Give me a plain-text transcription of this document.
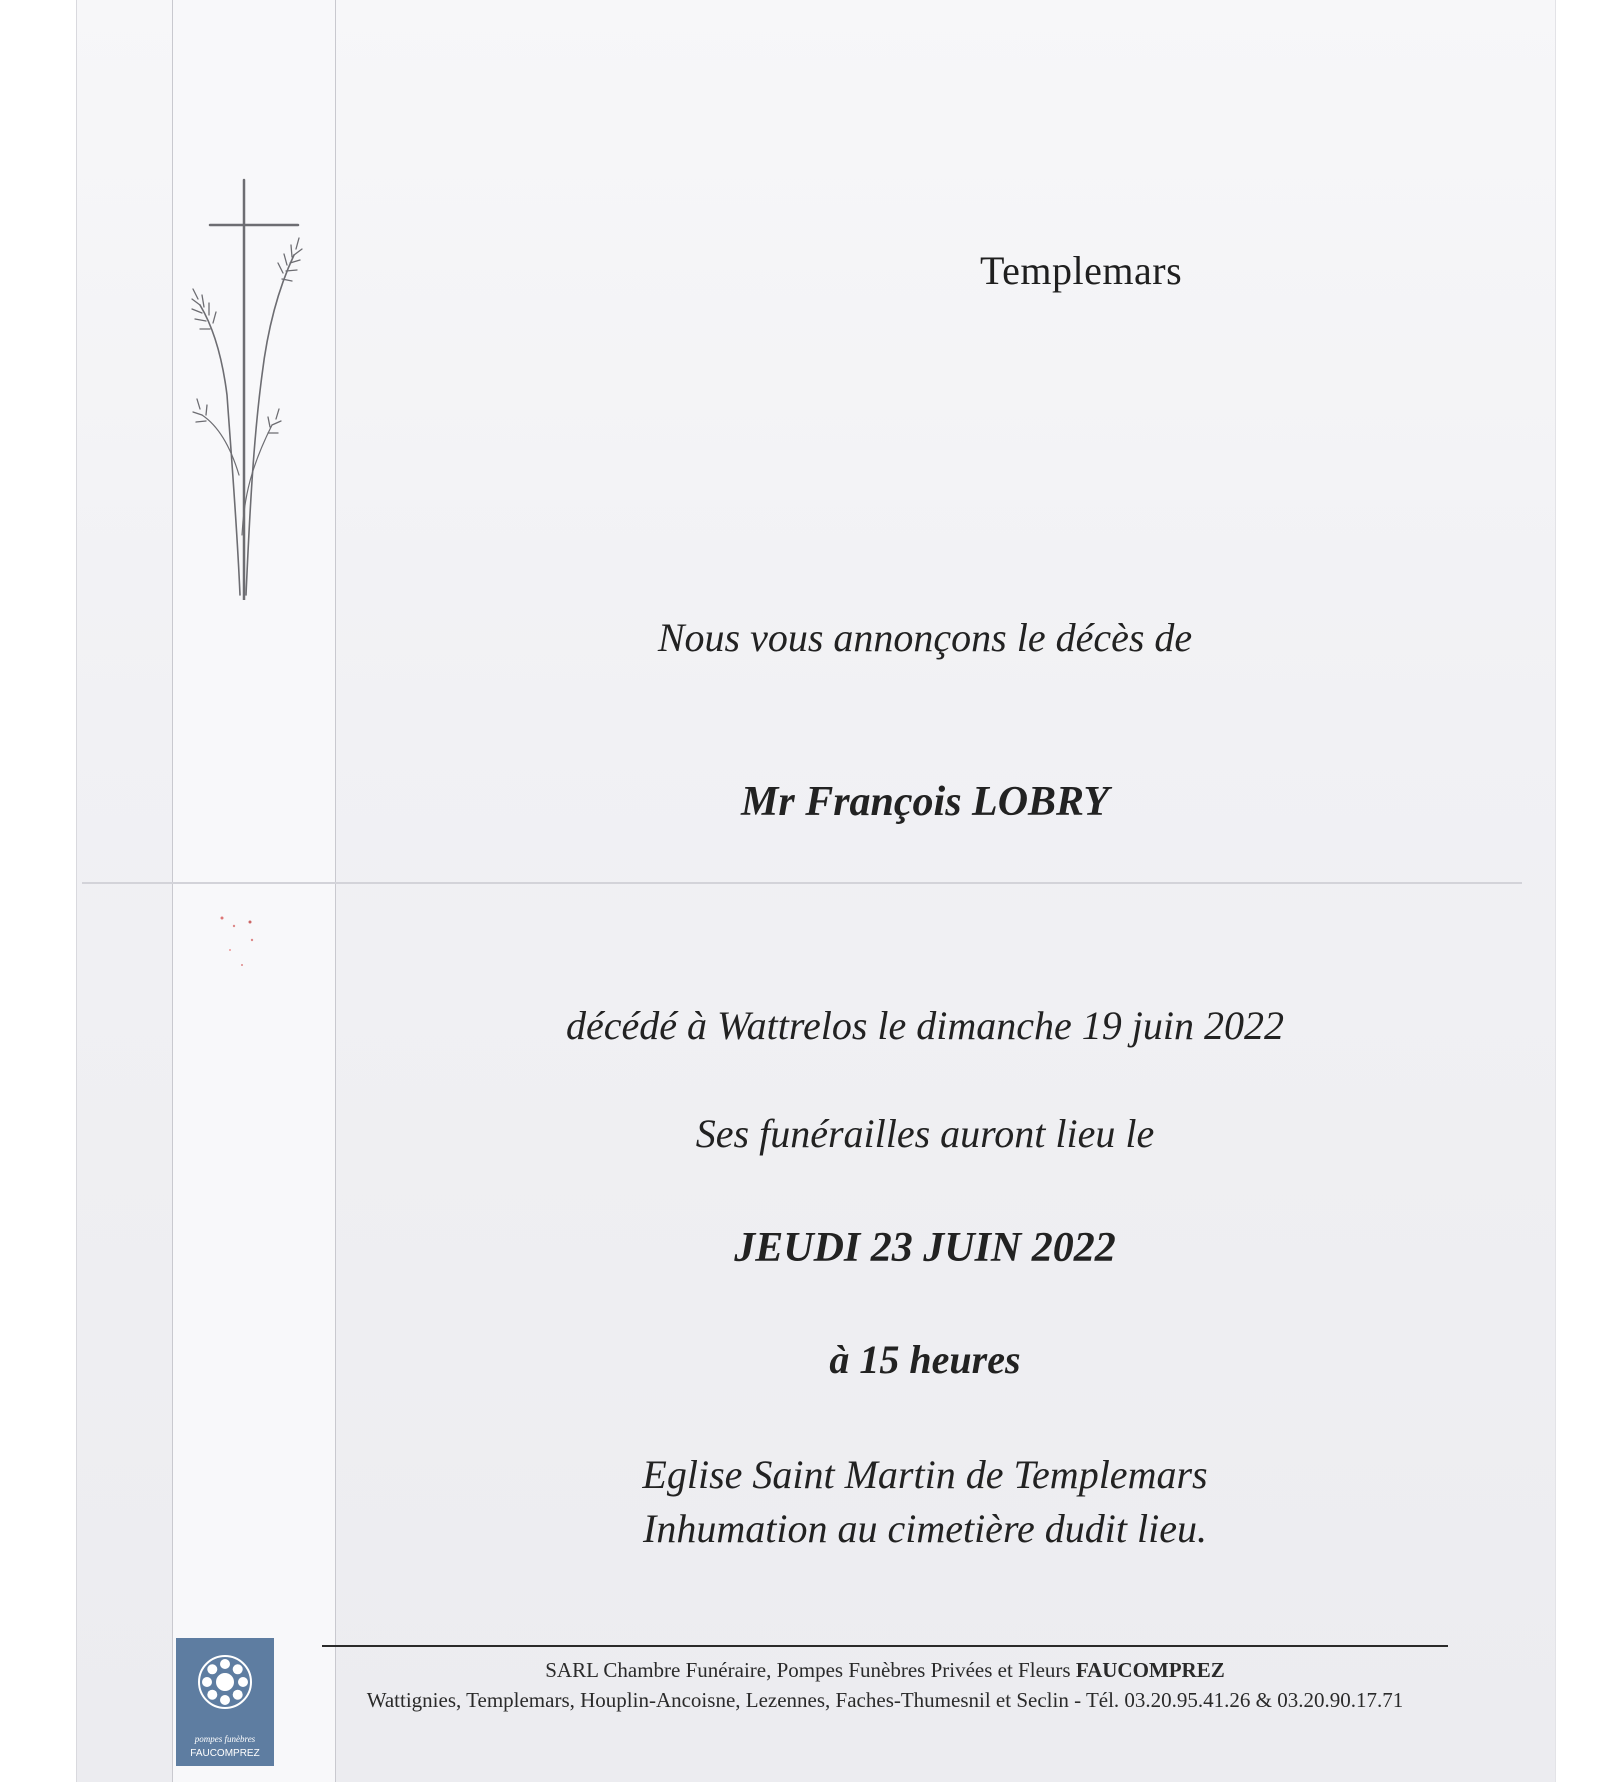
Templemars
Nous vous annonçons le décès de
Mr François LOBRY
décédé à Wattrelos le dimanche 19 juin 2022
Ses funérailles auront lieu le
JEUDI 23 JUIN 2022
à 15 heures
Eglise Saint Martin de Templemars
Inhumation au cimetière dudit lieu.
SARL Chambre Funéraire, Pompes Funèbres Privées et Fleurs FAUCOMPREZ
Wattignies, Templemars, Houplin-Ancoisne, Lezennes, Faches-Thumesnil et Seclin - Tél. 03.20.95.41.26 & 03.20.90.17.71
pompes funèbres
FAUCOMPREZ
